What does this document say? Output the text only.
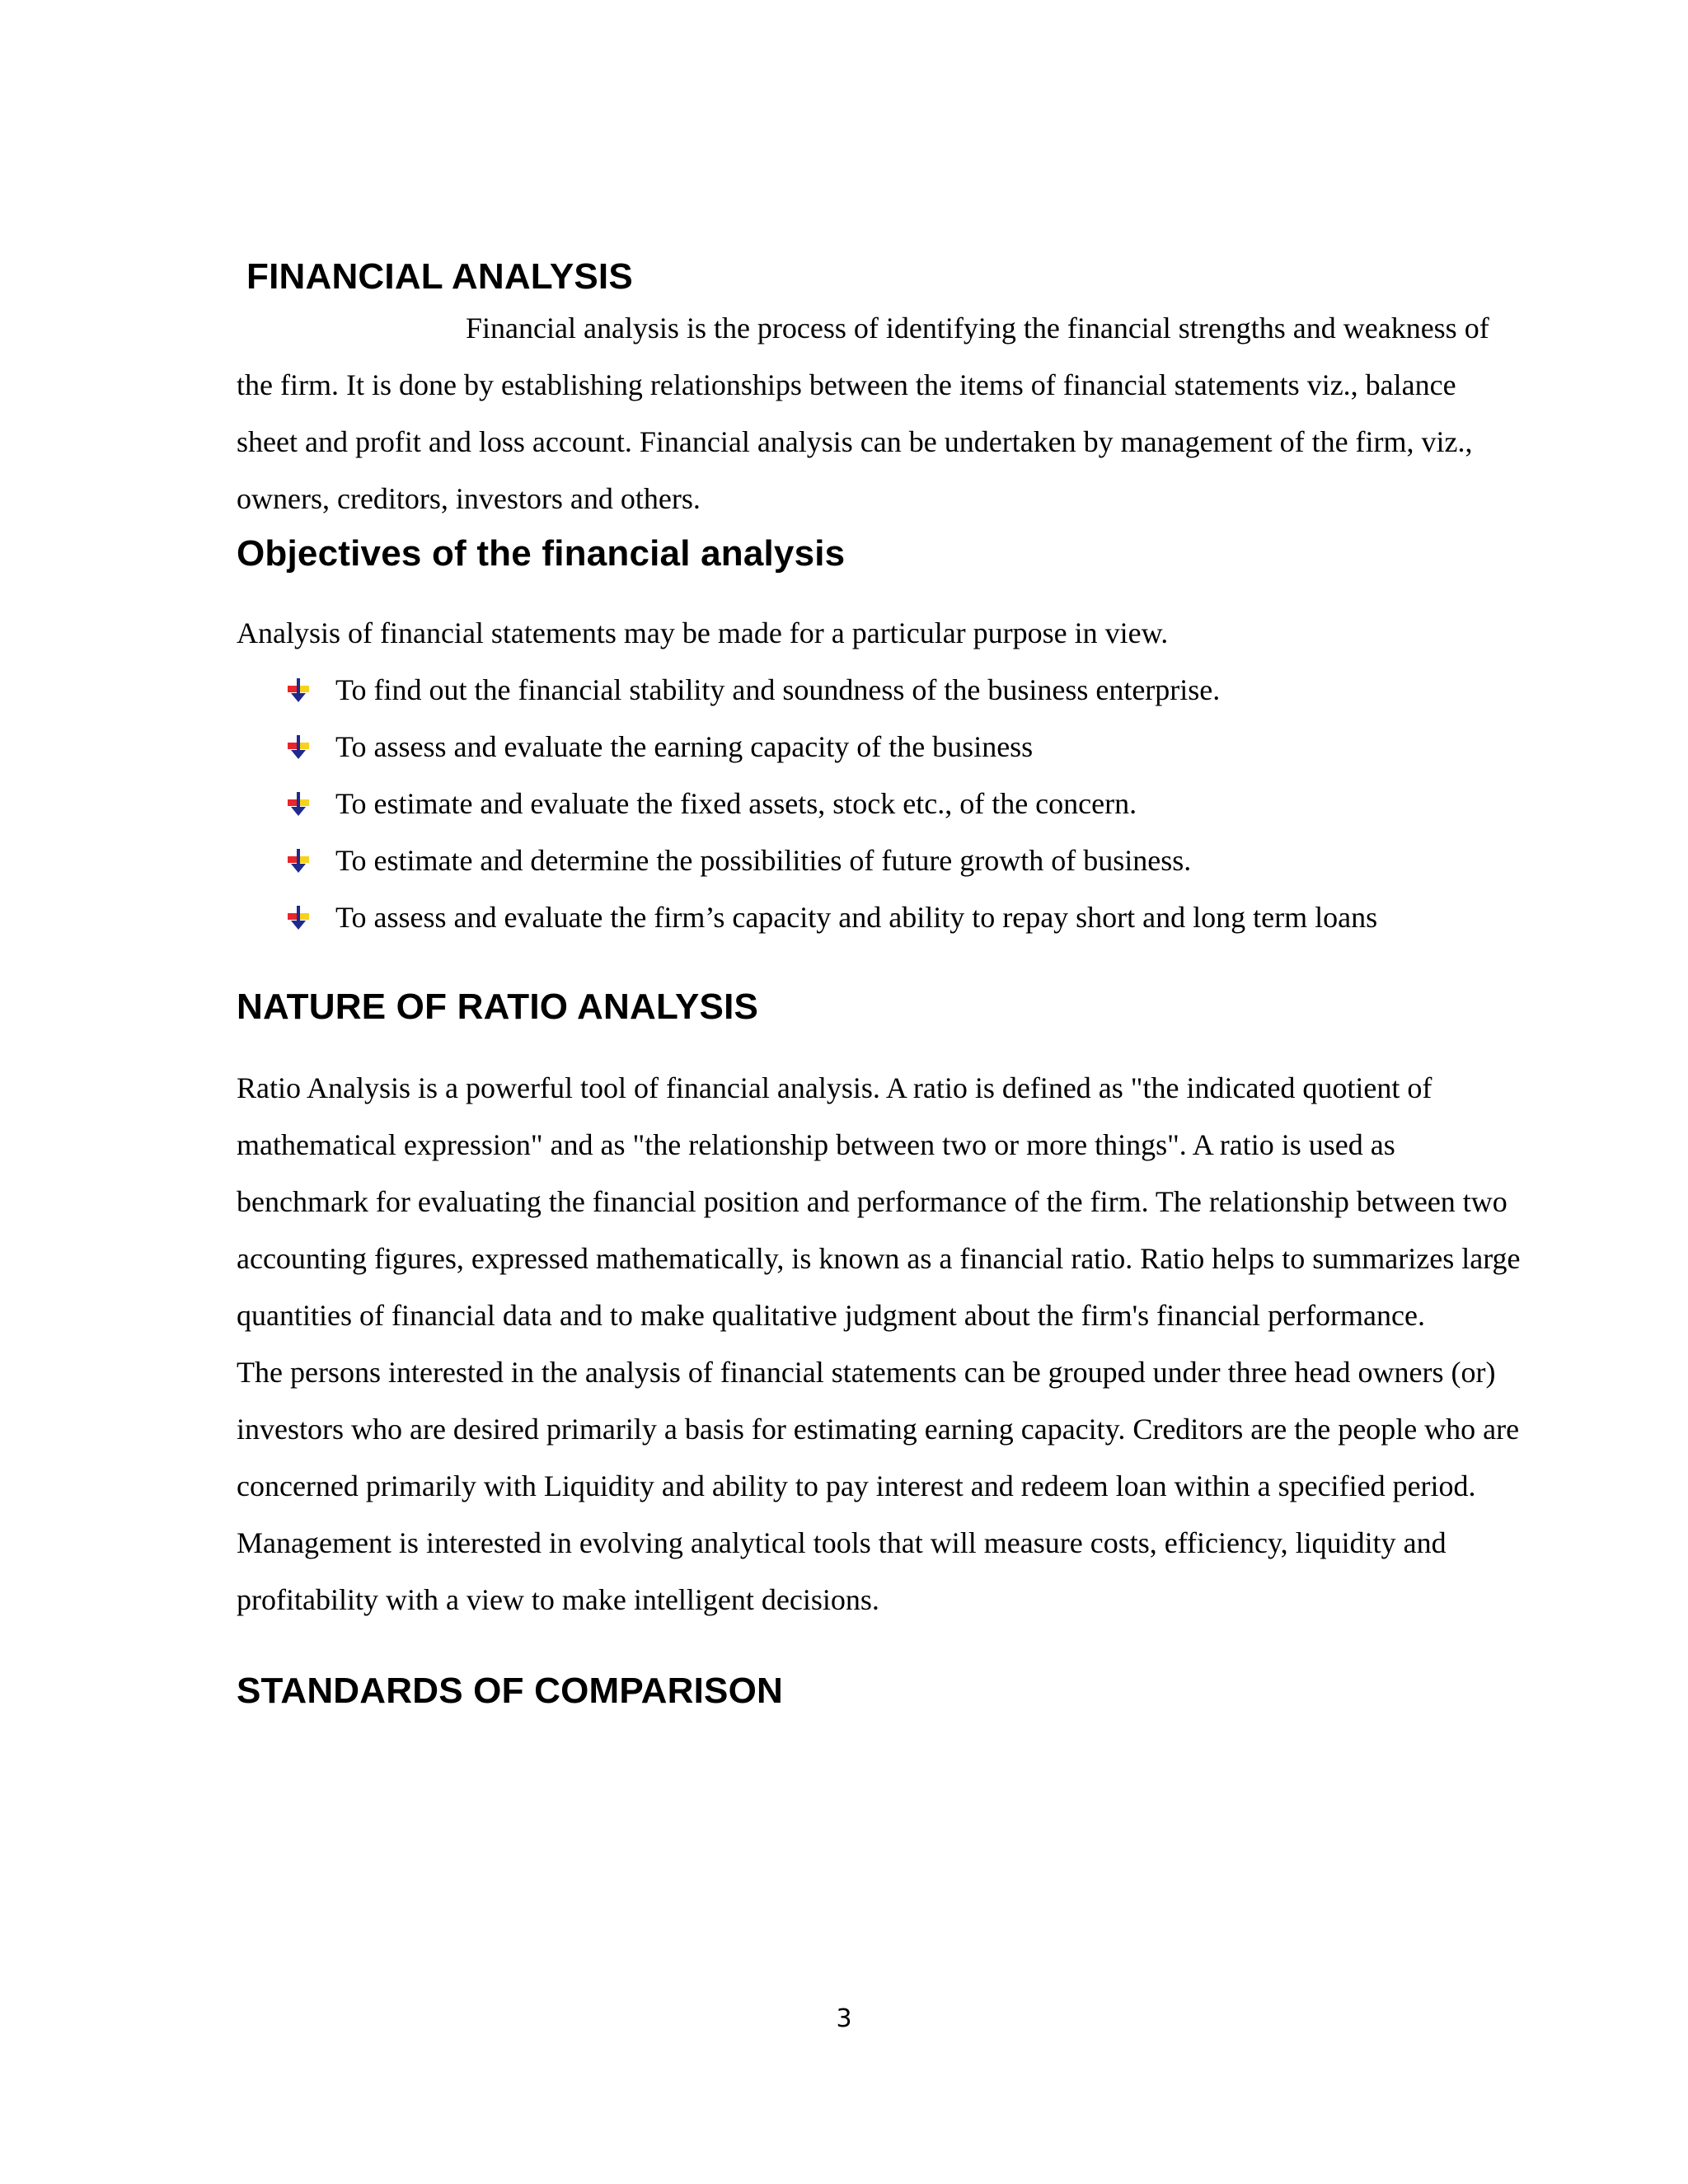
FINANCIAL ANALYSIS

Financial analysis is the process of identifying the financial strengths and weakness of the firm. It is done by establishing relationships between the items of financial statements viz., balance sheet and profit and loss account. Financial analysis can be undertaken by management of the firm, viz., owners, creditors, investors and others.

Objectives of the financial analysis

Analysis of financial statements may be made for a particular purpose in view.

To find out the financial stability and soundness of the business enterprise.
To assess and evaluate the earning capacity of the business
To estimate and evaluate the fixed assets, stock etc., of the concern.
To estimate and determine the possibilities of future growth of business.
To assess and evaluate the firm’s capacity and ability to repay short and long term loans
NATURE OF RATIO ANALYSIS

Ratio Analysis is a powerful tool of financial analysis. A ratio is defined as "the indicated quotient of mathematical expression" and as "the relationship between two or more things". A ratio is used as benchmark for evaluating the financial position and performance of the firm. The relationship between two accounting figures, expressed mathematically, is known as a financial ratio. Ratio helps to summarizes large quantities of financial data and to make qualitative judgment about the firm's financial performance.

The persons interested in the analysis of financial statements can be grouped under three head owners (or) investors who are desired primarily a basis for estimating earning capacity. Creditors are the people who are concerned primarily with Liquidity and ability to pay interest and redeem loan within a specified period. Management is interested in evolving analytical tools that will measure costs, efficiency, liquidity and profitability with a view to make intelligent decisions.

STANDARDS OF COMPARISON
3
